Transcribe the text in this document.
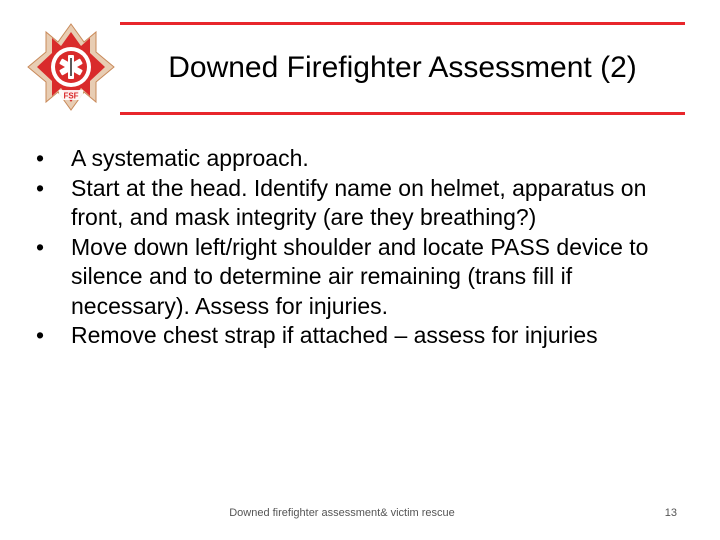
FSF
Downed Firefighter Assessment (2)
• A systematic approach.
• Start at the head. Identify name on helmet, apparatus on front, and mask integrity (are they breathing?)
• Move down left/right shoulder and locate PASS device to silence and to determine air remaining (trans fill if necessary). Assess for injuries.
• Remove chest strap if attached – assess for injuries
Downed firefighter assessment& victim rescue	13
